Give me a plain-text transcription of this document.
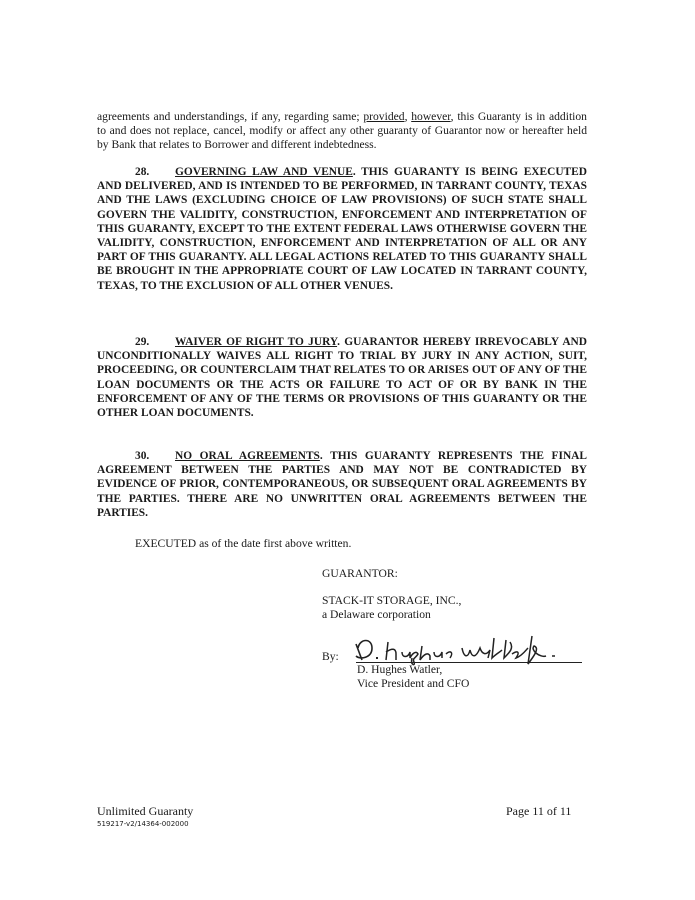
agreements and understandings, if any, regarding same; provided, however, this Guaranty is in addition to and does not replace, cancel, modify or affect any other guaranty of Guarantor now or hereafter held by Bank that relates to Borrower and different indebtedness.

28. GOVERNING LAW AND VENUE. THIS GUARANTY IS BEING EXECUTED AND DELIVERED, AND IS INTENDED TO BE PERFORMED, IN TARRANT COUNTY, TEXAS AND THE LAWS (EXCLUDING CHOICE OF LAW PROVISIONS) OF SUCH STATE SHALL GOVERN THE VALIDITY, CONSTRUCTION, ENFORCEMENT AND INTERPRETATION OF THIS GUARANTY, EXCEPT TO THE EXTENT FEDERAL LAWS OTHERWISE GOVERN THE VALIDITY, CONSTRUCTION, ENFORCEMENT AND INTERPRETATION OF ALL OR ANY PART OF THIS GUARANTY. ALL LEGAL ACTIONS RELATED TO THIS GUARANTY SHALL BE BROUGHT IN THE APPROPRIATE COURT OF LAW LOCATED IN TARRANT COUNTY, TEXAS, TO THE EXCLUSION OF ALL OTHER VENUES.

29. WAIVER OF RIGHT TO JURY. GUARANTOR HEREBY IRREVOCABLY AND UNCONDITIONALLY WAIVES ALL RIGHT TO TRIAL BY JURY IN ANY ACTION, SUIT, PROCEEDING, OR COUNTERCLAIM THAT RELATES TO OR ARISES OUT OF ANY OF THE LOAN DOCUMENTS OR THE ACTS OR FAILURE TO ACT OF OR BY BANK IN THE ENFORCEMENT OF ANY OF THE TERMS OR PROVISIONS OF THIS GUARANTY OR THE OTHER LOAN DOCUMENTS.

30. NO ORAL AGREEMENTS. THIS GUARANTY REPRESENTS THE FINAL AGREEMENT BETWEEN THE PARTIES AND MAY NOT BE CONTRADICTED BY EVIDENCE OF PRIOR, CONTEMPORANEOUS, OR SUBSEQUENT ORAL AGREEMENTS BY THE PARTIES. THERE ARE NO UNWRITTEN ORAL AGREEMENTS BETWEEN THE PARTIES.

EXECUTED as of the date first above written.
GUARANTOR:
STACK-IT STORAGE, INC.,
a Delaware corporation
By:
D. Hughes Watler,
Vice President and CFO
Unlimited Guaranty
519217-v2/14364-002000
Page 11 of 11
